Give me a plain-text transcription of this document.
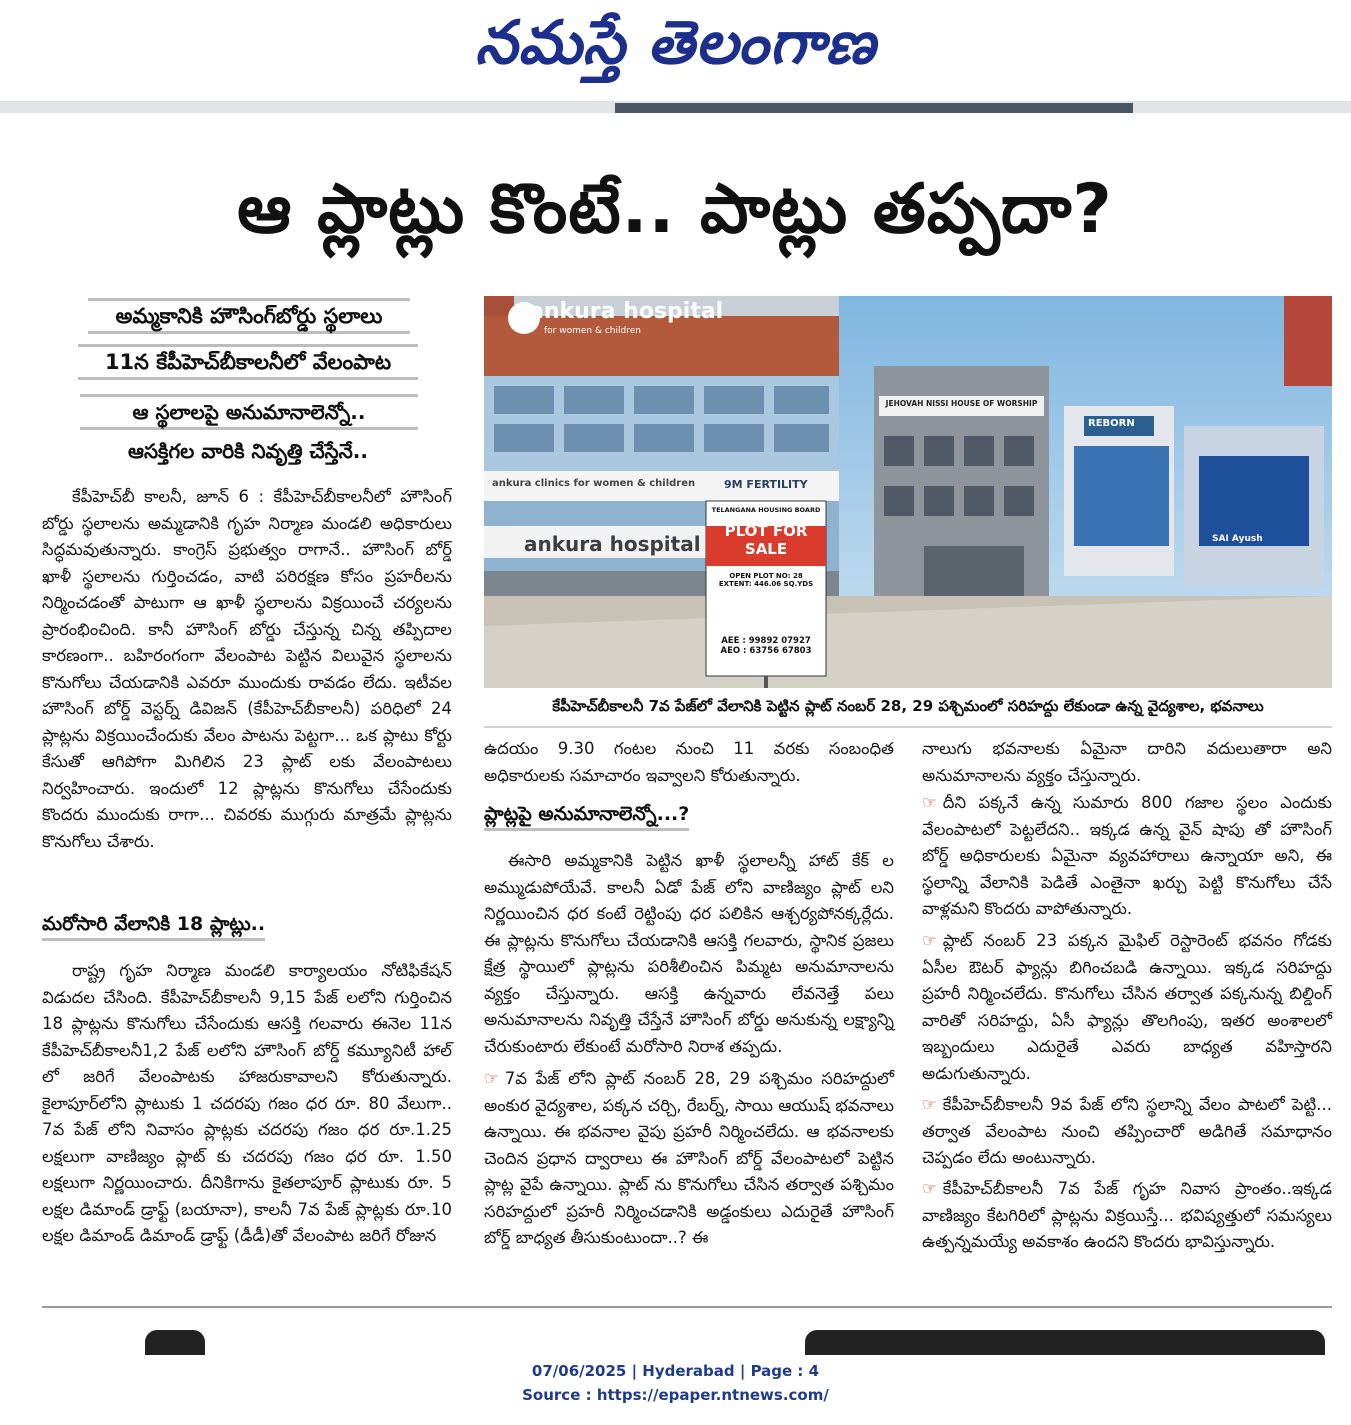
నమస్తే తెలంగాణ
ఆ ప్లాట్లు కొంటే.. పాట్లు తప్పదా?
అమ్మకానికి హౌసింగ్‌బోర్డు స్థలాలు
11న కేపీహెచ్‌బీకాలనీలో వేలంపాట
ఆ స్థలాలపై అనుమానాలెన్నో..
ఆసక్తిగల వారికి నివృత్తి చేస్తేనే..
కేపీహెచ్‌బీ కాలనీ, జూన్ 6 : కేపీహెచ్‌బీకాలనీలో హౌసింగ్ బోర్డు స్థలాలను అమ్మడానికి గృహ నిర్మాణ మండలి అధికారులు సిద్ధమవుతున్నారు. కాంగ్రెస్ ప్రభుత్వం రాగానే.. హౌసింగ్ బోర్డ్ ఖాళీ స్థలాలను గుర్తించడం, వాటి పరిరక్షణ కోసం ప్రహరీలను నిర్మించడంతో పాటుగా ఆ ఖాళీ స్థలాలను విక్రయించే చర్యలను ప్రారంభించింది. కానీ హౌసింగ్ బోర్డు చేస్తున్న చిన్న తప్పిదాల కారణంగా.. బహిరంగంగా వేలంపాట పెట్టిన విలువైన స్థలాలను కొనుగోలు చేయడానికి ఎవరూ ముందుకు రావడం లేదు. ఇటీవల హౌసింగ్ బోర్డ్ వెస్టర్న్ డివిజన్ (కేపీహెచ్‌బీకాలనీ) పరిధిలో 24 ప్లాట్లను విక్రయించేందుకు వేలం పాటను పెట్టగా... ఒక ప్లాటు కోర్టు కేసుతో ఆగిపోగా మిగిలిన 23 ప్లాట్ లకు వేలంపాటలు నిర్వహించారు. ఇందులో 12 ప్లాట్లను కొనుగోలు చేసేందుకు కొందరు ముందుకు రాగా... చివరకు ముగ్గురు మాత్రమే ప్లాట్లను కొనుగోలు చేశారు.
మరోసారి వేలానికి 18 ప్లాట్లు..
రాష్ట్ర గృహ నిర్మాణ మండలి కార్యాలయం నోటిఫికేషన్ విడుదల చేసింది. కేపీహెచ్‌బీకాలనీ 9,15 పేజ్ లలోని గుర్తించిన 18 ప్లాట్లను కొనుగోలు చేసేందుకు ఆసక్తి గలవారు ఈనెల 11న కేపీహెచ్‌బీకాలనీ1,2 పేజ్ లలోని హౌసింగ్ బోర్డ్ కమ్యూనిటీ హాల్ లో జరిగే వేలంపాటకు హాజరుకావాలని కోరుతున్నారు. కైలాపూర్‌లోని ప్లాటుకు 1 చదరపు గజం ధర రూ. 80 వేలుగా.. 7వ పేజ్ లోని నివాసం ప్లాట్లకు చదరపు గజం ధర రూ.1.25 లక్షలుగా వాణిజ్యం ప్లాట్ కు చదరపు గజం ధర రూ. 1.50 లక్షలుగా నిర్ణయించారు. దీనికిగాను కైతలాపూర్ ప్లాటుకు రూ. 5 లక్షల డిమాండ్ డ్రాఫ్ట్ (బయానా), కాలనీ 7వ పేజ్ ప్లాట్లకు రూ.10 లక్షల డిమాండ్ డిమాండ్ డ్రాఫ్ట్ (డీడీ)తో వేలంపాట జరిగే రోజున
ankura hospital
for women & children
ankura clinics for women & children	9M FERTILITY
ankura hospital
JEHOVAH NISSI HOUSE OF WORSHIP
REBORN
SAI Ayush
TELANGANA HOUSING BOARD
PLOT FOR SALE
OPEN PLOT NO: 28
EXTENT: 446.06 SQ.YDS
AEE : 99892 07927
AEO : 63756 67803
కేపీహెచ్‌బీకాలనీ 7వ పేజ్‌లో వేలానికి పెట్టిన ప్లాట్ నంబర్ 28, 29 పశ్చిమంలో సరిహద్దు లేకుండా ఉన్న వైద్యశాల, భవనాలు
ఉదయం 9.30 గంటల నుంచి 11 వరకు సంబంధిత అధికారులకు సమాచారం ఇవ్వాలని కోరుతున్నారు.
ప్లాట్లపై అనుమానాలెన్నో...?
ఈసారి అమ్మకానికి పెట్టిన ఖాళీ స్థలాలన్నీ హాట్ కేక్ ల అమ్ముడుపోయేవే. కాలనీ ఏడో పేజ్ లోని వాణిజ్యం ప్లాట్ లని నిర్ణయించిన ధర కంటే రెట్టింపు ధర పలికిన ఆశ్చర్యపోనక్కర్లేదు. ఈ ప్లాట్లను కొనుగోలు చేయడానికి ఆసక్తి గలవారు, స్థానిక ప్రజలు క్షేత్ర స్థాయిలో ప్లాట్లను పరిశీలించిన పిమ్మట అనుమానాలను వ్యక్తం చేస్తున్నారు. ఆసక్తి ఉన్నవారు లేవనెత్తే పలు అనుమానాలను నివృత్తి చేస్తేనే హౌసింగ్ బోర్డు అనుకున్న లక్ష్యాన్ని చేరుకుంటారు లేకుంటే మరోసారి నిరాశ తప్పదు.
☞ 7వ పేజ్ లోని ప్లాట్ నంబర్ 28, 29 పశ్చిమం సరిహద్దులో అంకుర వైద్యశాల, పక్కన చర్చి, రేబర్న్, సాయి ఆయుష్ భవనాలు ఉన్నాయి. ఈ భవనాల వైపు ప్రహరీ నిర్మించలేదు. ఆ భవనాలకు చెందిన ప్రధాన ద్వారాలు ఈ హౌసింగ్ బోర్డ్ వేలంపాటలో పెట్టిన ప్లాట్ల వైపే ఉన్నాయి. ప్లాట్ ను కొనుగోలు చేసిన తర్వాత పశ్చిమం సరిహద్దులో ప్రహరీ నిర్మించడానికి అడ్డంకులు ఎదురైతే హౌసింగ్ బోర్డ్ బాధ్యత తీసుకుంటుందా..? ఈ
నాలుగు భవనాలకు ఏమైనా దారిని వదులుతారా అని అనుమానాలను వ్యక్తం చేస్తున్నారు.
☞ దీని పక్కనే ఉన్న సుమారు 800 గజాల స్థలం ఎందుకు వేలంపాటలో పెట్టలేదని.. ఇక్కడ ఉన్న వైన్ షాపు తో హౌసింగ్ బోర్డ్ అధికారులకు ఏమైనా వ్యవహారాలు ఉన్నాయా అని, ఈ స్థలాన్ని వేలానికి పెడితే ఎంతైనా ఖర్చు పెట్టి కొనుగోలు చేసే వాళ్లమని కొందరు వాపోతున్నారు.
☞ ప్లాట్ నంబర్ 23 పక్కన మైఫిల్ రెస్టారెంట్ భవనం గోడకు ఏసీల ఔటర్ ఫ్యాన్లు బిగించబడి ఉన్నాయి. ఇక్కడ సరిహద్దు ప్రహరీ నిర్మించలేదు. కొనుగోలు చేసిన తర్వాత పక్కనున్న బిల్డింగ్ వారితో సరిహద్దు, ఏసీ ఫ్యాన్లు తొలగింపు, ఇతర అంశాలలో ఇబ్బందులు ఎదురైతే ఎవరు బాధ్యత వహిస్తారని అడుగుతున్నారు.
☞ కేపీహెచ్‌బీకాలనీ 9వ పేజ్ లోని స్థలాన్ని వేలం పాటలో పెట్టి... తర్వాత వేలంపాట నుంచి తప్పించారో అడిగితే సమాధానం చెప్పడం లేదు అంటున్నారు.
☞ కేపీహెచ్‌బీకాలనీ 7వ పేజ్ గృహ నివాస ప్రాంతం..ఇక్కడ వాణిజ్యం కేటగిరిలో ప్లాట్లను విక్రయిస్తే... భవిష్యత్తులో సమస్యలు ఉత్పన్నమయ్యే అవకాశం ఉందని కొందరు భావిస్తున్నారు.
07/06/2025 | Hyderabad | Page : 4
Source : https://epaper.ntnews.com/
